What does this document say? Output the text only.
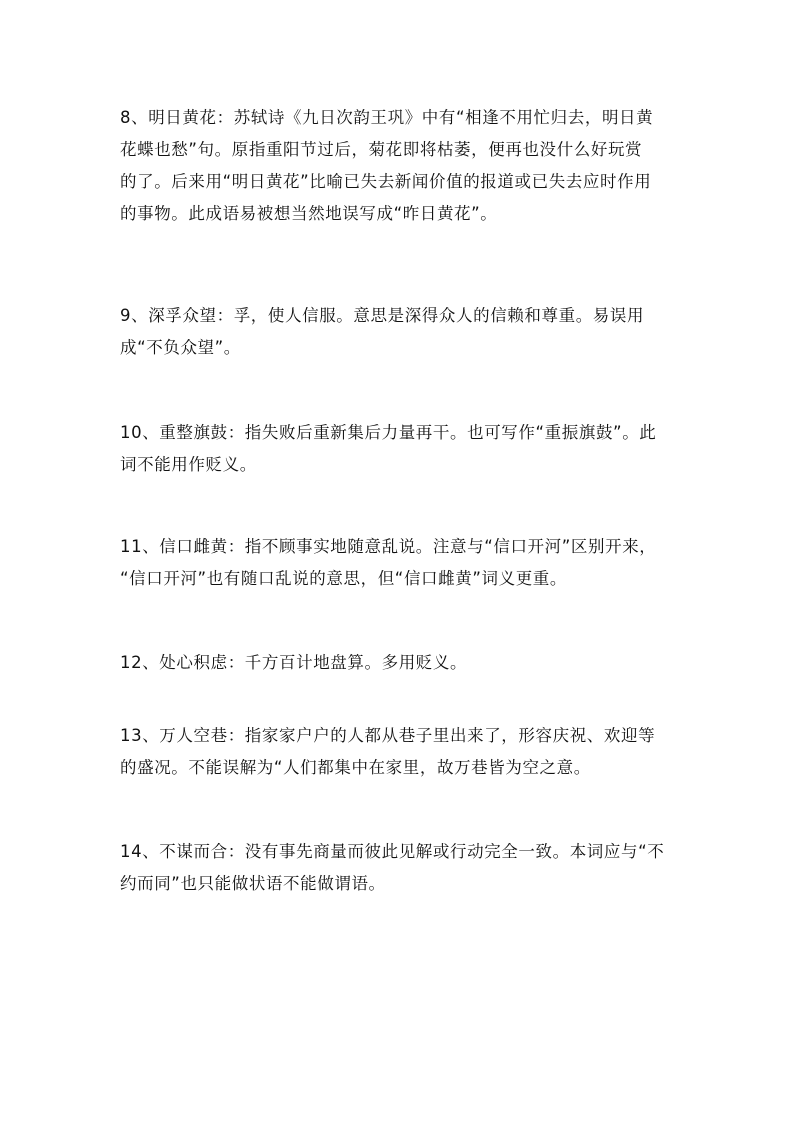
8、明日黄花：苏轼诗《九日次韵王巩》中有“相逢不用忙归去，明日黄
花蝶也愁”句。原指重阳节过后，菊花即将枯萎，便再也没什么好玩赏
的了。后来用“明日黄花”比喻已失去新闻价值的报道或已失去应时作用
的事物。此成语易被想当然地误写成“昨日黄花”。
9、深孚众望：孚，使人信服。意思是深得众人的信赖和尊重。易误用
成“不负众望”。
10、重整旗鼓：指失败后重新集后力量再干。也可写作“重振旗鼓”。此
词不能用作贬义。
11、信口雌黄：指不顾事实地随意乱说。注意与“信口开河”区别开来，
“信口开河”也有随口乱说的意思，但“信口雌黄”词义更重。
12、处心积虑：千方百计地盘算。多用贬义。
13、万人空巷：指家家户户的人都从巷子里出来了，形容庆祝、欢迎等
的盛况。不能误解为“人们都集中在家里，故万巷皆为空之意。
14、不谋而合：没有事先商量而彼此见解或行动完全一致。本词应与“不
约而同”也只能做状语不能做谓语。
